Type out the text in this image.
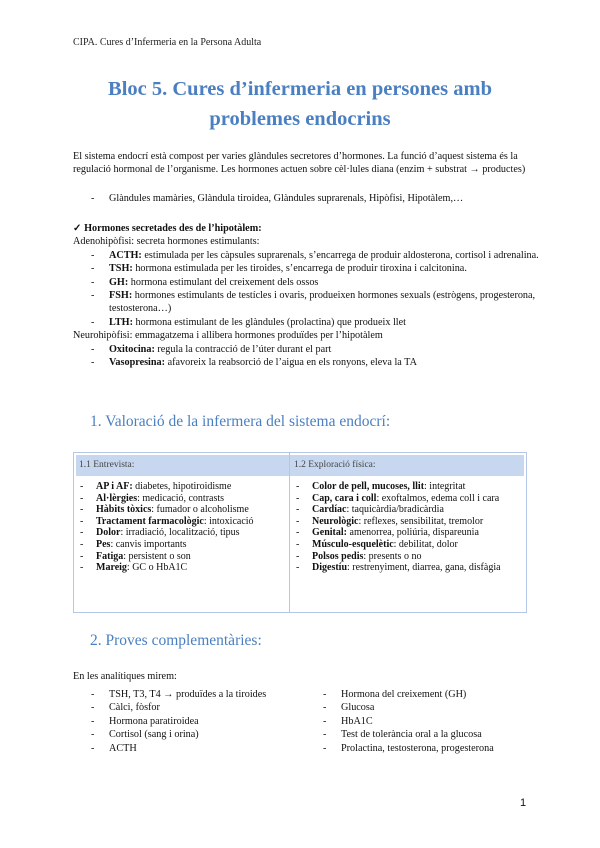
CIPA. Cures d’Infermeria en la Persona Adulta
Bloc 5. Cures d’infermeria en persones amb
problemes endocrins
El sistema endocrí està compost per varies glàndules secretores d’hormones. La funció d’aquest sistema és la regulació hormonal de l’organisme. Les hormones actuen sobre cèl·lules diana (enzim + substrat → productes)
- Glàndules mamàries, Glàndula tiroidea, Glàndules suprarenals, Hipòfisi, Hipotàlem,…
✓ Hormones secretades des de l’hipotàlem:
Adenohipòfisi: secreta hormones estimulants:
- ACTH: estimulada per les càpsules suprarenals, s’encarrega de produir aldosterona, cortisol i adrenalina.
- TSH: hormona estimulada per les tiroides, s’encarrega de produir tiroxina i calcitonina.
- GH: hormona estimulant del creixement dels ossos
- FSH: hormones estimulants de testícles i ovaris, produeixen hormones sexuals (estrògens, progesterona, testosterona…)
- LTH: hormona estimulant de les glàndules (prolactina) que produeix llet
Neurohipòfisi: emmagatzema i allibera hormones produïdes per l’hipotàlem
- Oxitocina: regula la contracció de l’úter durant el part
- Vasopresina: afavoreix la reabsorció de l’aigua en els ronyons, eleva la TA
1. Valoració de la infermera del sistema endocrí:
1.1 Entrevista:	1.2 Exploració física:
- AP i AF: diabetes, hipotiroidisme
- Al·lèrgies: medicació, contrasts
- Hàbits tòxics: fumador o alcoholisme
- Tractament farmacològic: intoxicació
- Dolor: irradiació, localització, tipus
- Pes: canvis importants
- Fatiga: persistent o son
- Mareig: GC o HbA1C
- Color de pell, mucoses, llit: integritat
- Cap, cara i coll: exoftalmos, edema coll i cara
- Cardíac: taquicàrdia/bradicàrdia
- Neurològic: reflexes, sensibilitat, tremolor
- Genital: amenorrea, poliúria, dispareunia
- Músculo-esquelètic: debilitat, dolor
- Polsos pedis: presents o no
- Digestíu: restrenyiment, diarrea, gana, disfàgia
2. Proves complementàries:
En les analítiques mirem:
- TSH, T3, T4 → produïdes a la tiroides
- Càlci, fòsfor
- Hormona paratiroidea
- Cortisol (sang i orina)
- ACTH
- Hormona del creixement (GH)
- Glucosa
- HbA1C
- Test de tolerància oral a la glucosa
- Prolactina, testosterona, progesterona
1
